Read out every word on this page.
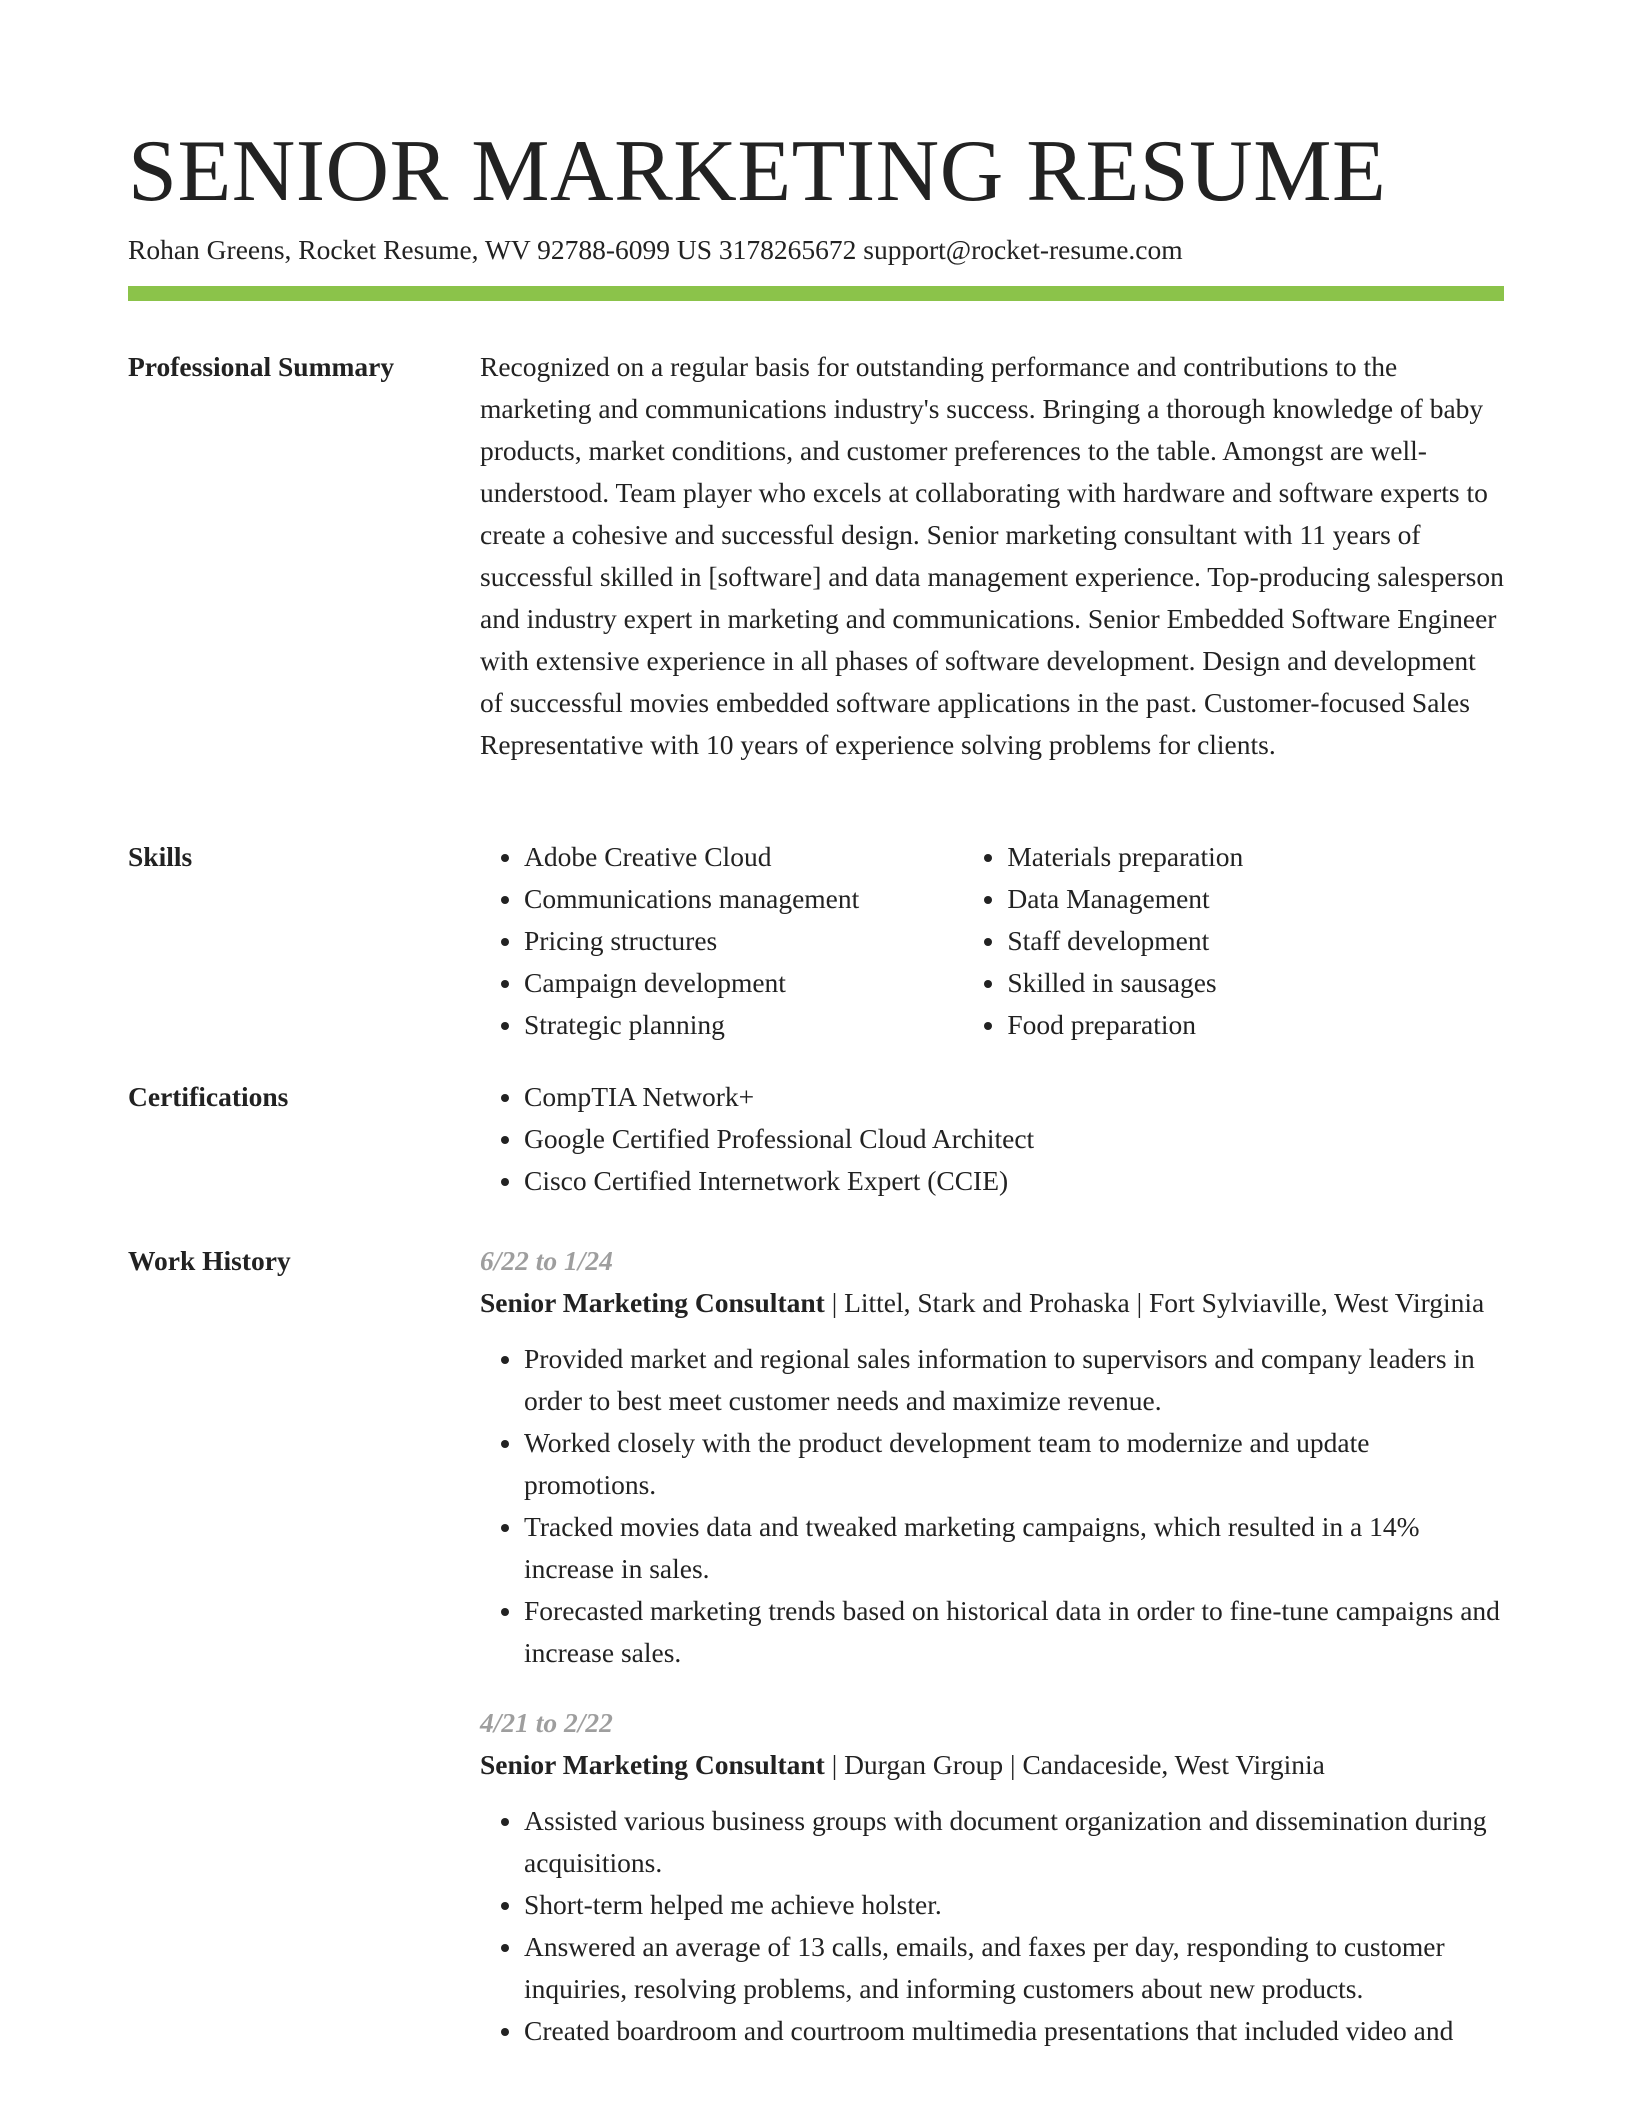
SENIOR MARKETING RESUME
Rohan Greens, Rocket Resume, WV 92788-6099 US 3178265672 support@rocket-resume.com
Professional Summary	Recognized on a regular basis for outstanding performance and contributions to the marketing and communications industry's success. Bringing a thorough knowledge of baby products, market conditions, and customer preferences to the table. Amongst are well-understood. Team player who excels at collaborating with hardware and software experts to create a cohesive and successful design. Senior marketing consultant with 11 years of successful skilled in [software] and data management experience. Top-producing salesperson and industry expert in marketing and communications. Senior Embedded Software Engineer with extensive experience in all phases of software development. Design and development of successful movies embedded software applications in the past. Customer-focused Sales Representative with 10 years of experience solving problems for clients.

Skills	• Adobe Creative Cloud
• Communications management
• Pricing structures
• Campaign development
• Strategic planning
• Materials preparation
• Data Management
• Staff development
• Skilled in sausages
• Food preparation
Certifications	• CompTIA Network+
• Google Certified Professional Cloud Architect
• Cisco Certified Internetwork Expert (CCIE)
Work History	6/22 to 1/24
Senior Marketing Consultant | Littel, Stark and Prohaska | Fort Sylviaville, West Virginia
• Provided market and regional sales information to supervisors and company leaders in order to best meet customer needs and maximize revenue.
• Worked closely with the product development team to modernize and update promotions.
• Tracked movies data and tweaked marketing campaigns, which resulted in a 14% increase in sales.
• Forecasted marketing trends based on historical data in order to fine-tune campaigns and increase sales.
4/21 to 2/22
Senior Marketing Consultant | Durgan Group | Candaceside, West Virginia
• Assisted various business groups with document organization and dissemination during acquisitions.
• Short-term helped me achieve holster.
• Answered an average of 13 calls, emails, and faxes per day, responding to customer inquiries, resolving problems, and informing customers about new products.
• Created boardroom and courtroom multimedia presentations that included video and
